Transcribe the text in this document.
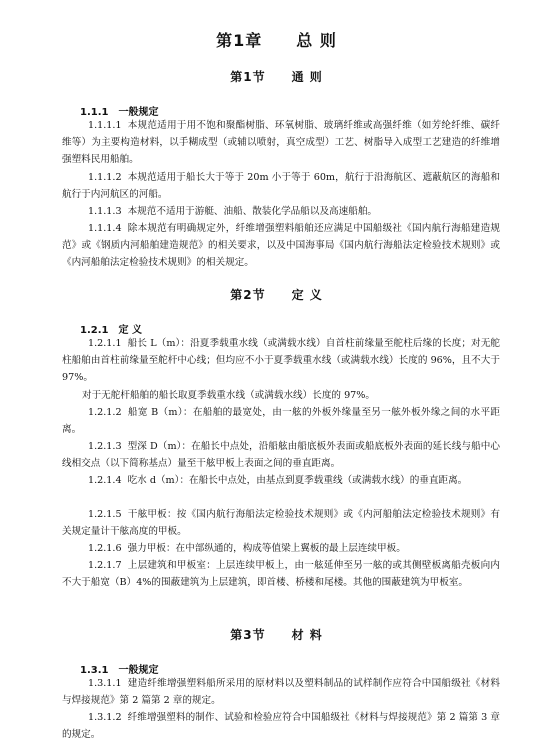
第1章　　总 则
第1节　　通 则
1.1.1　一般规定

1.1.1.1 本规范适用于用不饱和聚酯树脂、环氧树脂、玻璃纤维或高强纤维（如芳纶纤维、碳纤维等）为主要构造材料，以手糊成型（或辅以喷射，真空成型）工艺、树脂导入成型工艺建造的纤维增强塑料民用船舶。

1.1.1.2 本规范适用于船长大于等于 20m 小于等于 60m，航行于沿海航区、遮蔽航区的海船和航行于内河航区的河船。

1.1.1.3 本规范不适用于游艇、油船、散装化学品船以及高速船舶。

1.1.1.4 除本规范有明确规定外，纤维增强塑料船舶还应满足中国船级社《国内航行海船建造规范》或《钢质内河船舶建造规范》的相关要求，以及中国海事局《国内航行海船法定检验技术规则》或《内河船舶法定检验技术规则》的相关规定。

第2节　　定 义
1.2.1　定 义

1.2.1.1 船长 L（m）：沿夏季载重水线（或满载水线）自首柱前缘量至舵柱后缘的长度；对无舵柱船舶由首柱前缘量至舵杆中心线；但均应不小于夏季载重水线（或满载水线）长度的 96%，且不大于 97%。

对于无舵杆船舶的船长取夏季载重水线（或满载水线）长度的 97%。

1.2.1.2 船宽 B（m）：在船舶的最宽处，由一舷的外板外缘量至另一舷外板外缘之间的水平距离。

1.2.1.3 型深 D（m）：在船长中点处，沿船舷由船底板外表面或船底板外表面的延长线与船中心线相交点（以下简称基点）量至干舷甲板上表面之间的垂直距离。

1.2.1.4 吃水 d（m）：在船长中点处，由基点到夏季载重线（或满载水线）的垂直距离。

1.2.1.5 干舷甲板：按《国内航行海船法定检验技术规则》或《内河船舶法定检验技术规则》有关规定量计干舷高度的甲板。

1.2.1.6 强力甲板：在中部纵通的，构成等值梁上翼板的最上层连续甲板。

1.2.1.7 上层建筑和甲板室：上层连续甲板上，由一舷延伸至另一舷的或其侧壁板离船壳板向内不大于船宽（B）4%的围蔽建筑为上层建筑，即首楼、桥楼和尾楼。其他的围蔽建筑为甲板室。

第3节　　材 料
1.3.1　一般规定

1.3.1.1 建造纤维增强塑料船所采用的原材料以及塑料制品的试样制作应符合中国船级社《材料与焊接规范》第 2 篇第 2 章的规定。

1.3.1.2 纤维增强塑料的制作、试验和检验应符合中国船级社《材料与焊接规范》第 2 篇第 3 章的规定。
